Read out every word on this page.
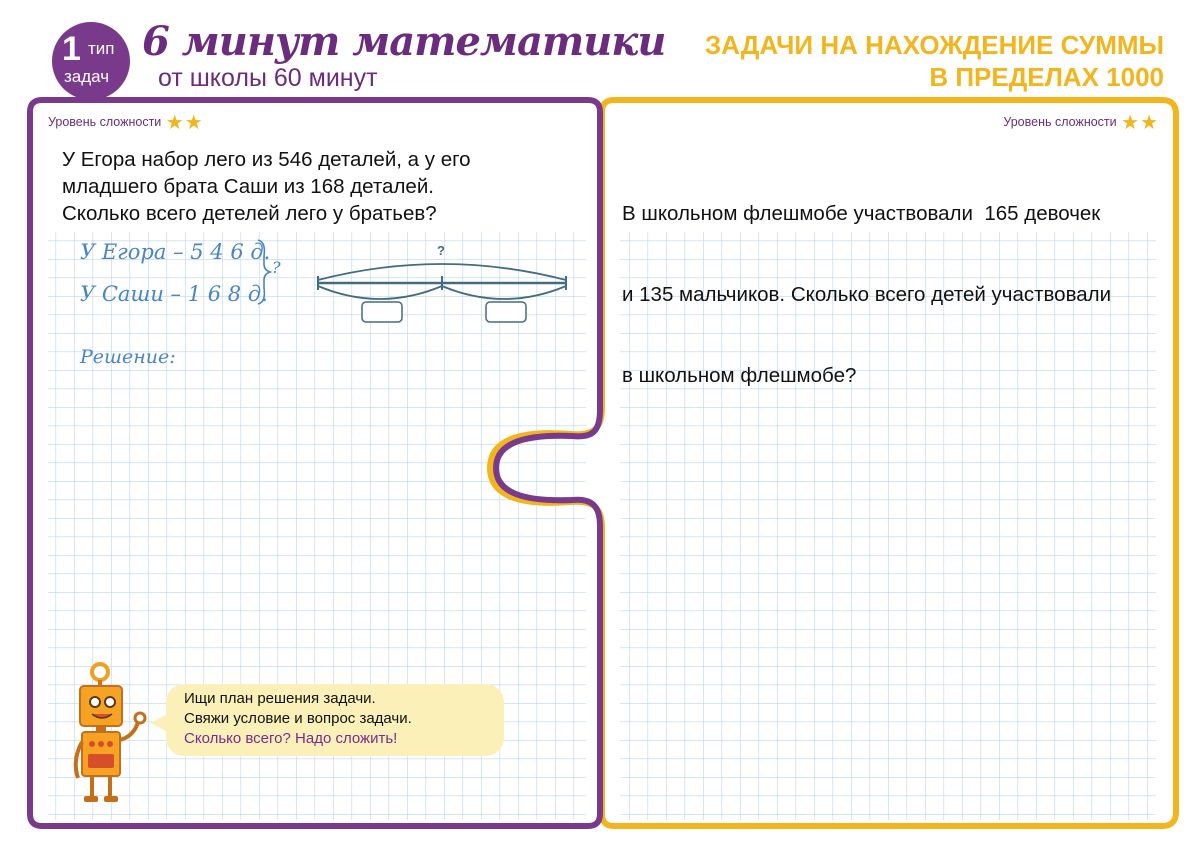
1 тип
задач
6 минут математики
от школы 60 минут
ЗАДАЧИ НА НАХОЖДЕНИЕ СУММЫ
В ПРЕДЕЛАХ 1000
Уровень сложности ★★
У Егора набор лего из 546 деталей, а у его
младшего брата Саши из 168 деталей.
Сколько всего детелей лего у братьев?
У Егора – 5 4 6 д.
У Саши – 1 6 8 д.
?
Решение:
?
Ищи план решения задачи.
Свяжи условие и вопрос задачи.
Сколько всего? Надо сложить!
Уровень сложности ★★

В школьном флешмобе участвовали  165 девочек

и 135 мальчиков. Сколько всего детей участвовали

в школьном флешмобе?
